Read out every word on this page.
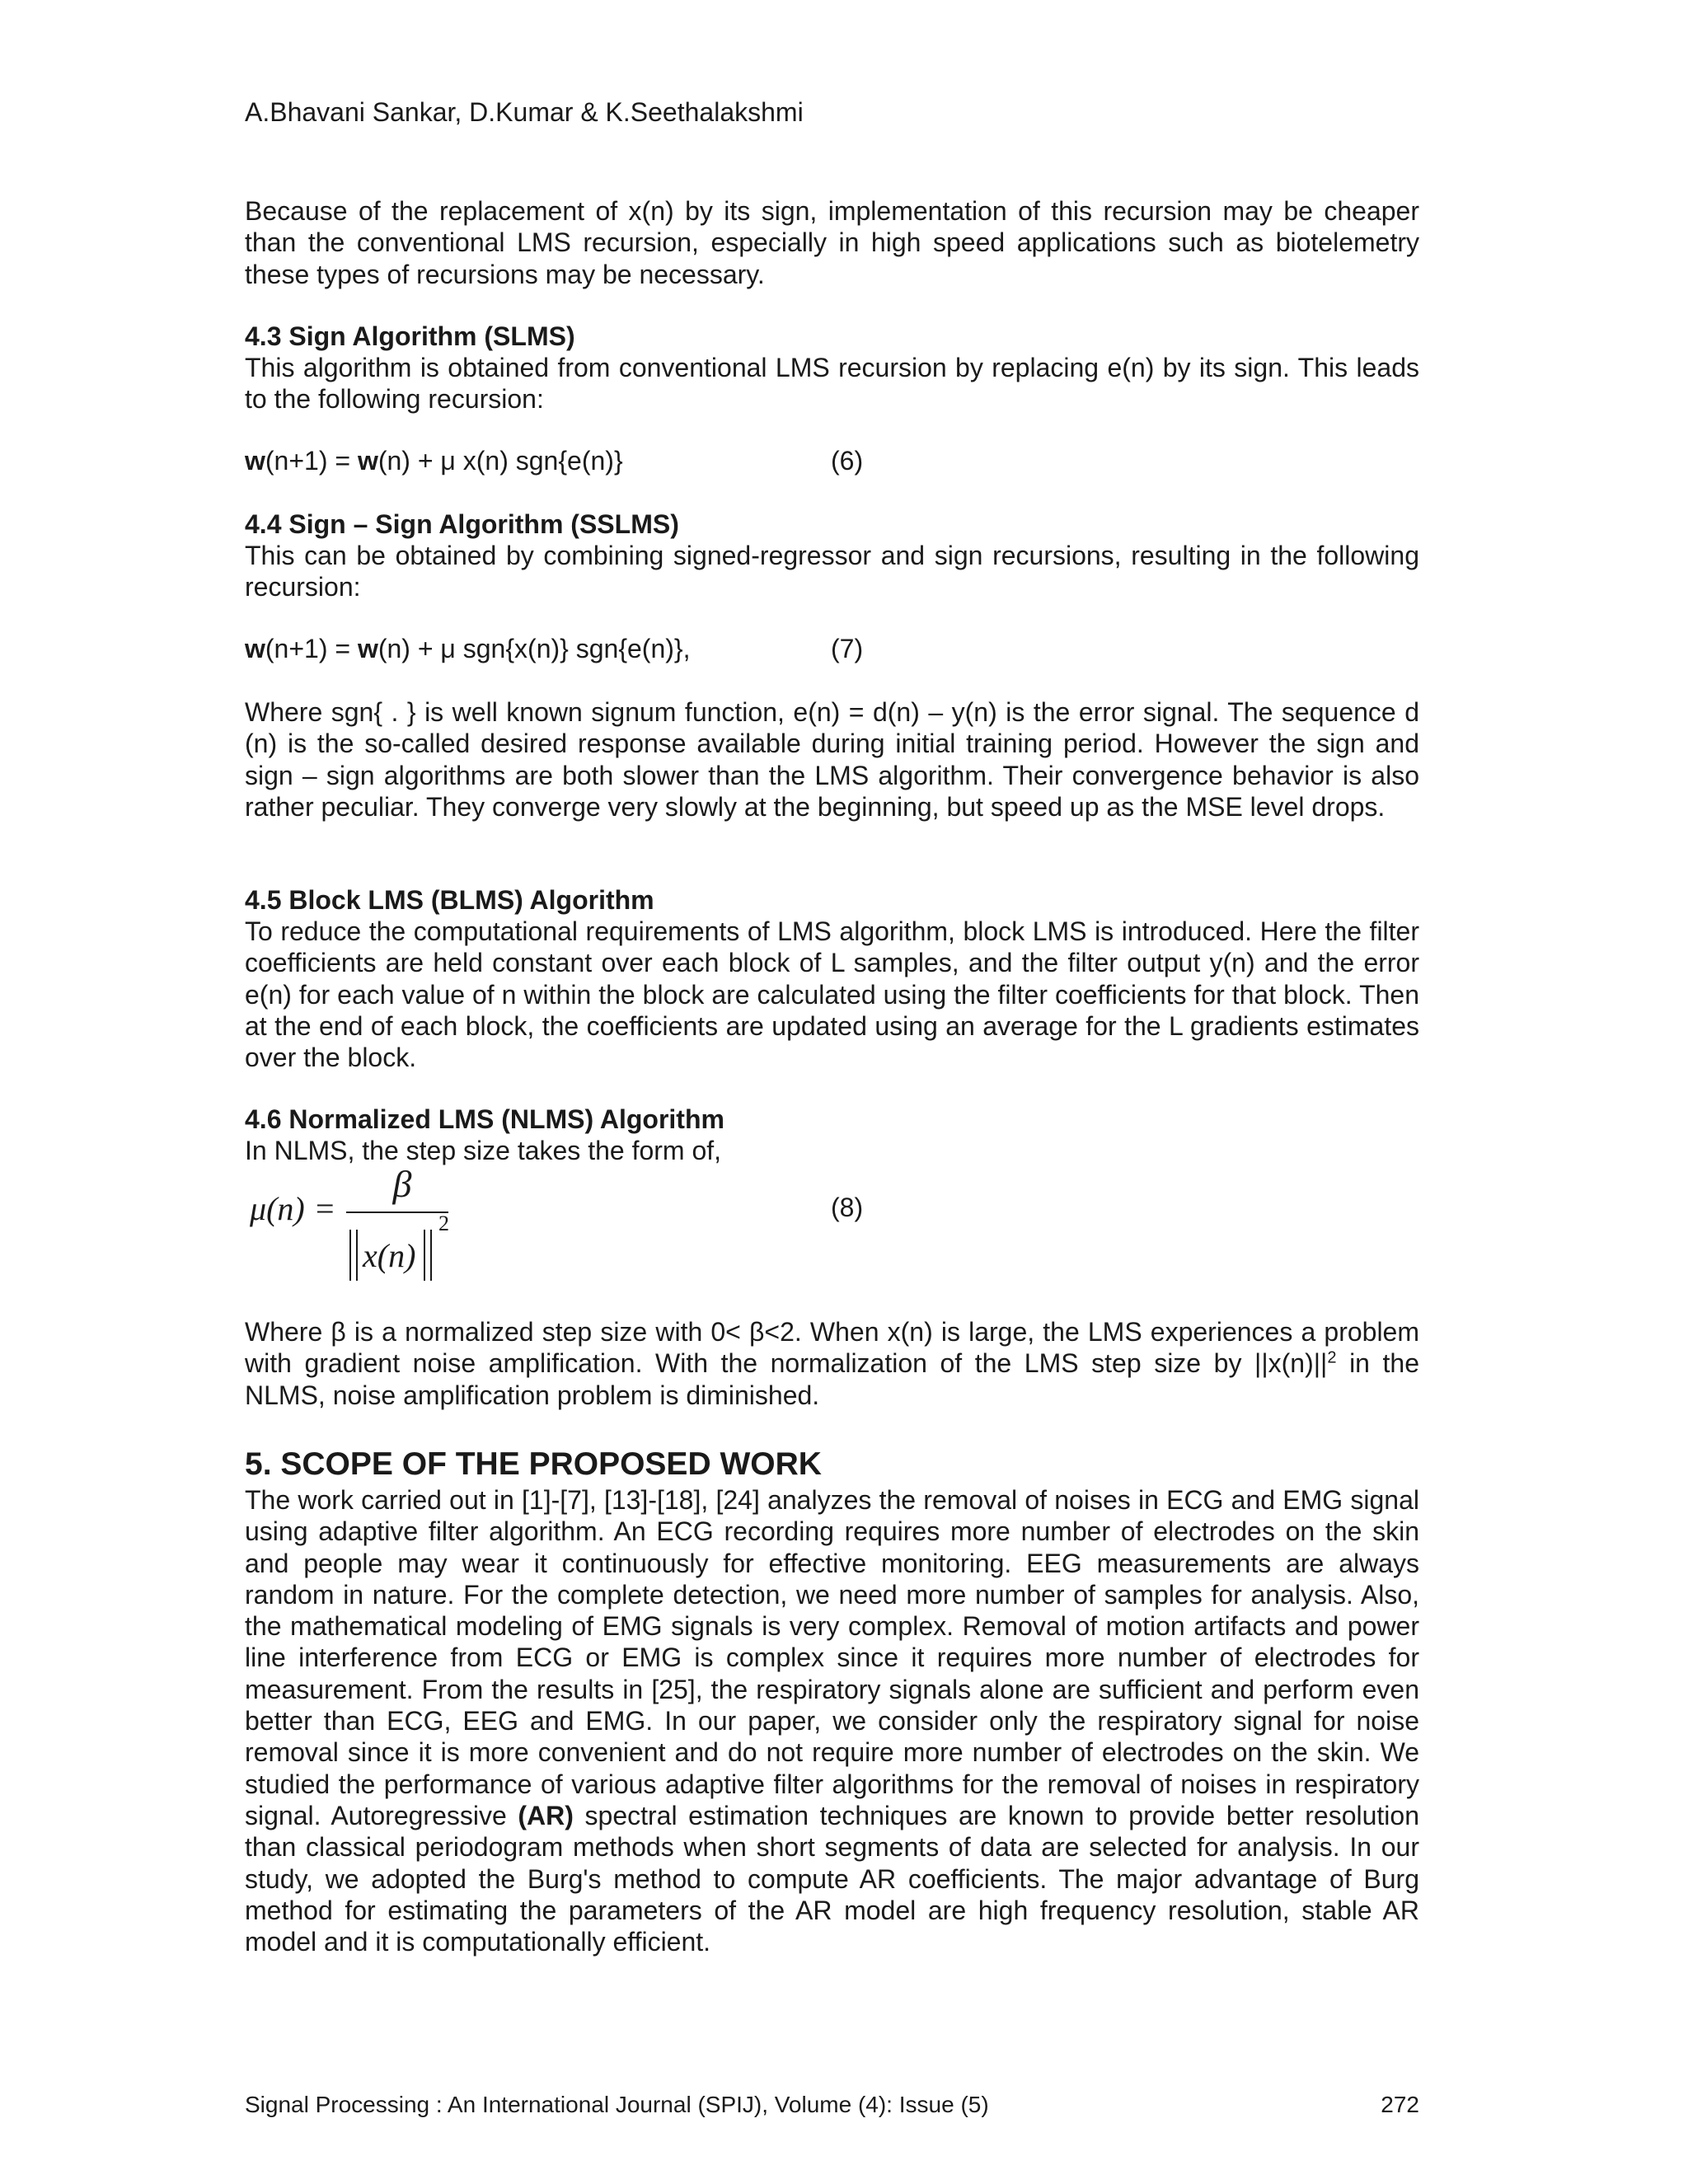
A.Bhavani Sankar, D.Kumar & K.Seethalakshmi

Because of the replacement of x(n) by its sign, implementation of this recursion may be cheaper than the conventional LMS recursion, especially in high speed applications such as biotelemetry these types of recursions may be necessary.

4.3 Sign Algorithm (SLMS)

This algorithm is obtained from conventional LMS recursion by replacing e(n) by its sign. This leads to the following recursion:

w(n+1) = w(n) + μ x(n) sgn{e(n)}	(6)
4.4 Sign – Sign Algorithm (SSLMS)

This can be obtained by combining signed-regressor and sign recursions, resulting in the following recursion:

w(n+1) = w(n) + μ sgn{x(n)} sgn{e(n)},	(7)

Where sgn{ . } is well known signum function, e(n) = d(n) – y(n) is the error signal. The sequence d (n) is the so-called desired response available during initial training period. However the sign and sign – sign algorithms are both slower than the LMS algorithm. Their convergence behavior is also rather peculiar. They converge very slowly at the beginning, but speed up as the MSE level drops.

4.5 Block LMS (BLMS) Algorithm

To reduce the computational requirements of LMS algorithm, block LMS is introduced. Here the filter coefficients are held constant over each block of L samples, and the filter output y(n) and the error e(n) for each value of n within the block are calculated using the filter coefficients for that block. Then at the end of each block, the coefficients are updated using an average for the L gradients estimates over the block.

4.6 Normalized LMS (NLMS) Algorithm

In NLMS, the step size takes the form of,

μ(n) =
β
x(n)
2
(8)

Where β is a normalized step size with 0< β<2. When x(n) is large, the LMS experiences a problem with gradient noise amplification. With the normalization of the LMS step size by $||x(n)||^2$ in the NLMS, noise amplification problem is diminished.

5. SCOPE OF THE PROPOSED WORK

The work carried out in [1]-[7], [13]-[18], [24] analyzes the removal of noises in ECG and EMG signal using adaptive filter algorithm. An ECG recording requires more number of electrodes on the skin and people may wear it continuously for effective monitoring. EEG measurements are always random in nature. For the complete detection, we need more number of samples for analysis. Also, the mathematical modeling of EMG signals is very complex. Removal of motion artifacts and power line interference from ECG or EMG is complex since it requires more number of electrodes for measurement. From the results in [25], the respiratory signals alone are sufficient and perform even better than ECG, EEG and EMG. In our paper, we consider only the respiratory signal for noise removal since it is more convenient and do not require more number of electrodes on the skin. We studied the performance of various adaptive filter algorithms for the removal of noises in respiratory signal. Autoregressive (AR) spectral estimation techniques are known to provide better resolution than classical periodogram methods when short segments of data are selected for analysis. In our study, we adopted the Burg's method to compute AR coefficients. The major advantage of Burg method for estimating the parameters of the AR model are high frequency resolution, stable AR model and it is computationally efficient.

Signal Processing : An International Journal (SPIJ), Volume (4): Issue (5)	272
